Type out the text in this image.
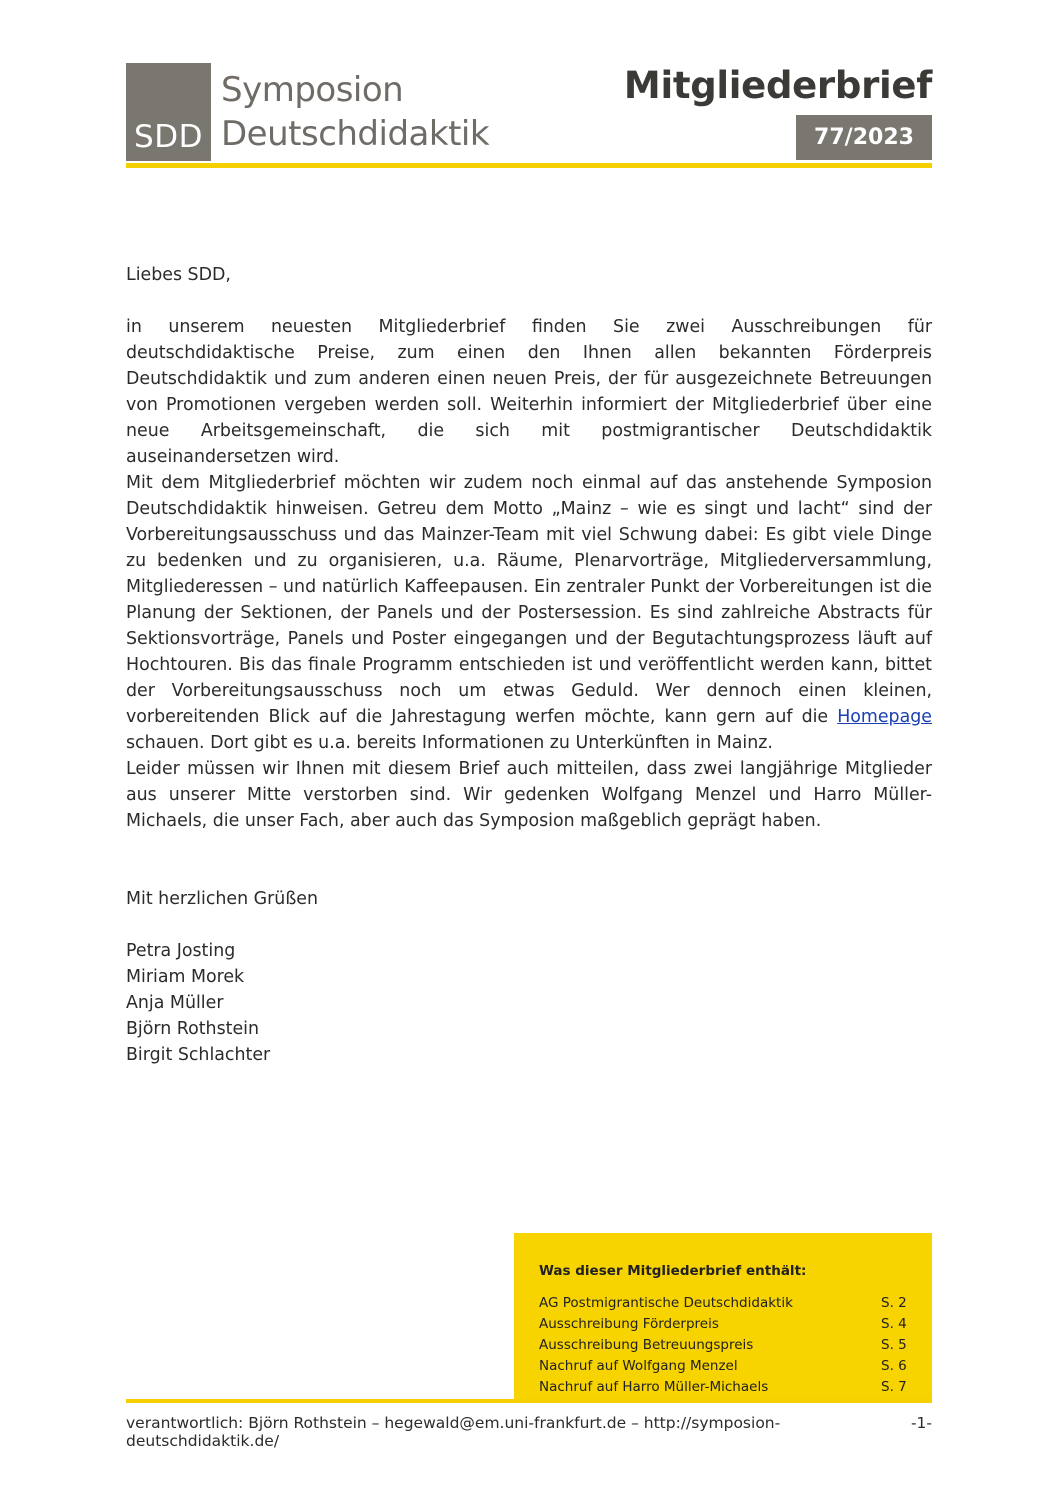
SDD
Symposion
Deutschdidaktik
Mitgliederbrief
77/2023

Liebes SDD,

in unserem neuesten Mitgliederbrief finden Sie zwei Ausschreibungen für deutschdidaktische Preise, zum einen den Ihnen allen bekannten Förderpreis Deutschdidaktik und zum anderen einen neuen Preis, der für ausgezeichnete Betreuungen von Promotionen vergeben werden soll. Weiterhin informiert der Mitgliederbrief über eine neue Arbeitsgemeinschaft, die sich mit postmigrantischer Deutschdidaktik auseinandersetzen wird.

Mit dem Mitgliederbrief möchten wir zudem noch einmal auf das anstehende Symposion Deutschdidaktik hinweisen. Getreu dem Motto „Mainz – wie es singt und lacht“ sind der Vorbereitungsausschuss und das Mainzer-Team mit viel Schwung dabei: Es gibt viele Dinge zu bedenken und zu organisieren, u.a. Räume, Plenarvorträge, Mitgliederversammlung, Mitgliederessen – und natürlich Kaffeepausen. Ein zentraler Punkt der Vorbereitungen ist die Planung der Sektionen, der Panels und der Postersession. Es sind zahlreiche Abstracts für Sektionsvorträge, Panels und Poster eingegangen und der Begutachtungsprozess läuft auf Hochtouren. Bis das finale Programm entschieden ist und veröffentlicht werden kann, bittet der Vorbereitungsausschuss noch um etwas Geduld. Wer dennoch einen kleinen, vorbereitenden Blick auf die Jahrestagung werfen möchte, kann gern auf die Homepage schauen. Dort gibt es u.a. bereits Informationen zu Unterkünften in Mainz.

Leider müssen wir Ihnen mit diesem Brief auch mitteilen, dass zwei langjährige Mitglieder aus unserer Mitte verstorben sind. Wir gedenken Wolfgang Menzel und Harro Müller-Michaels, die unser Fach, aber auch das Symposion maßgeblich geprägt haben.

Mit herzlichen Grüßen

Petra Josting
Miriam Morek
Anja Müller
Björn Rothstein
Birgit Schlachter
Was dieser Mitgliederbrief enthält:
AG Postmigrantische Deutschdidaktik	S. 2
Ausschreibung Förderpreis	S. 4
Ausschreibung Betreuungspreis	S. 5
Nachruf auf Wolfgang Menzel	S. 6
Nachruf auf Harro Müller-Michaels	S. 7
verantwortlich: Björn Rothstein – hegewald@em.uni-frankfurt.de – http://symposion-deutschdidaktik.de/
-1-
